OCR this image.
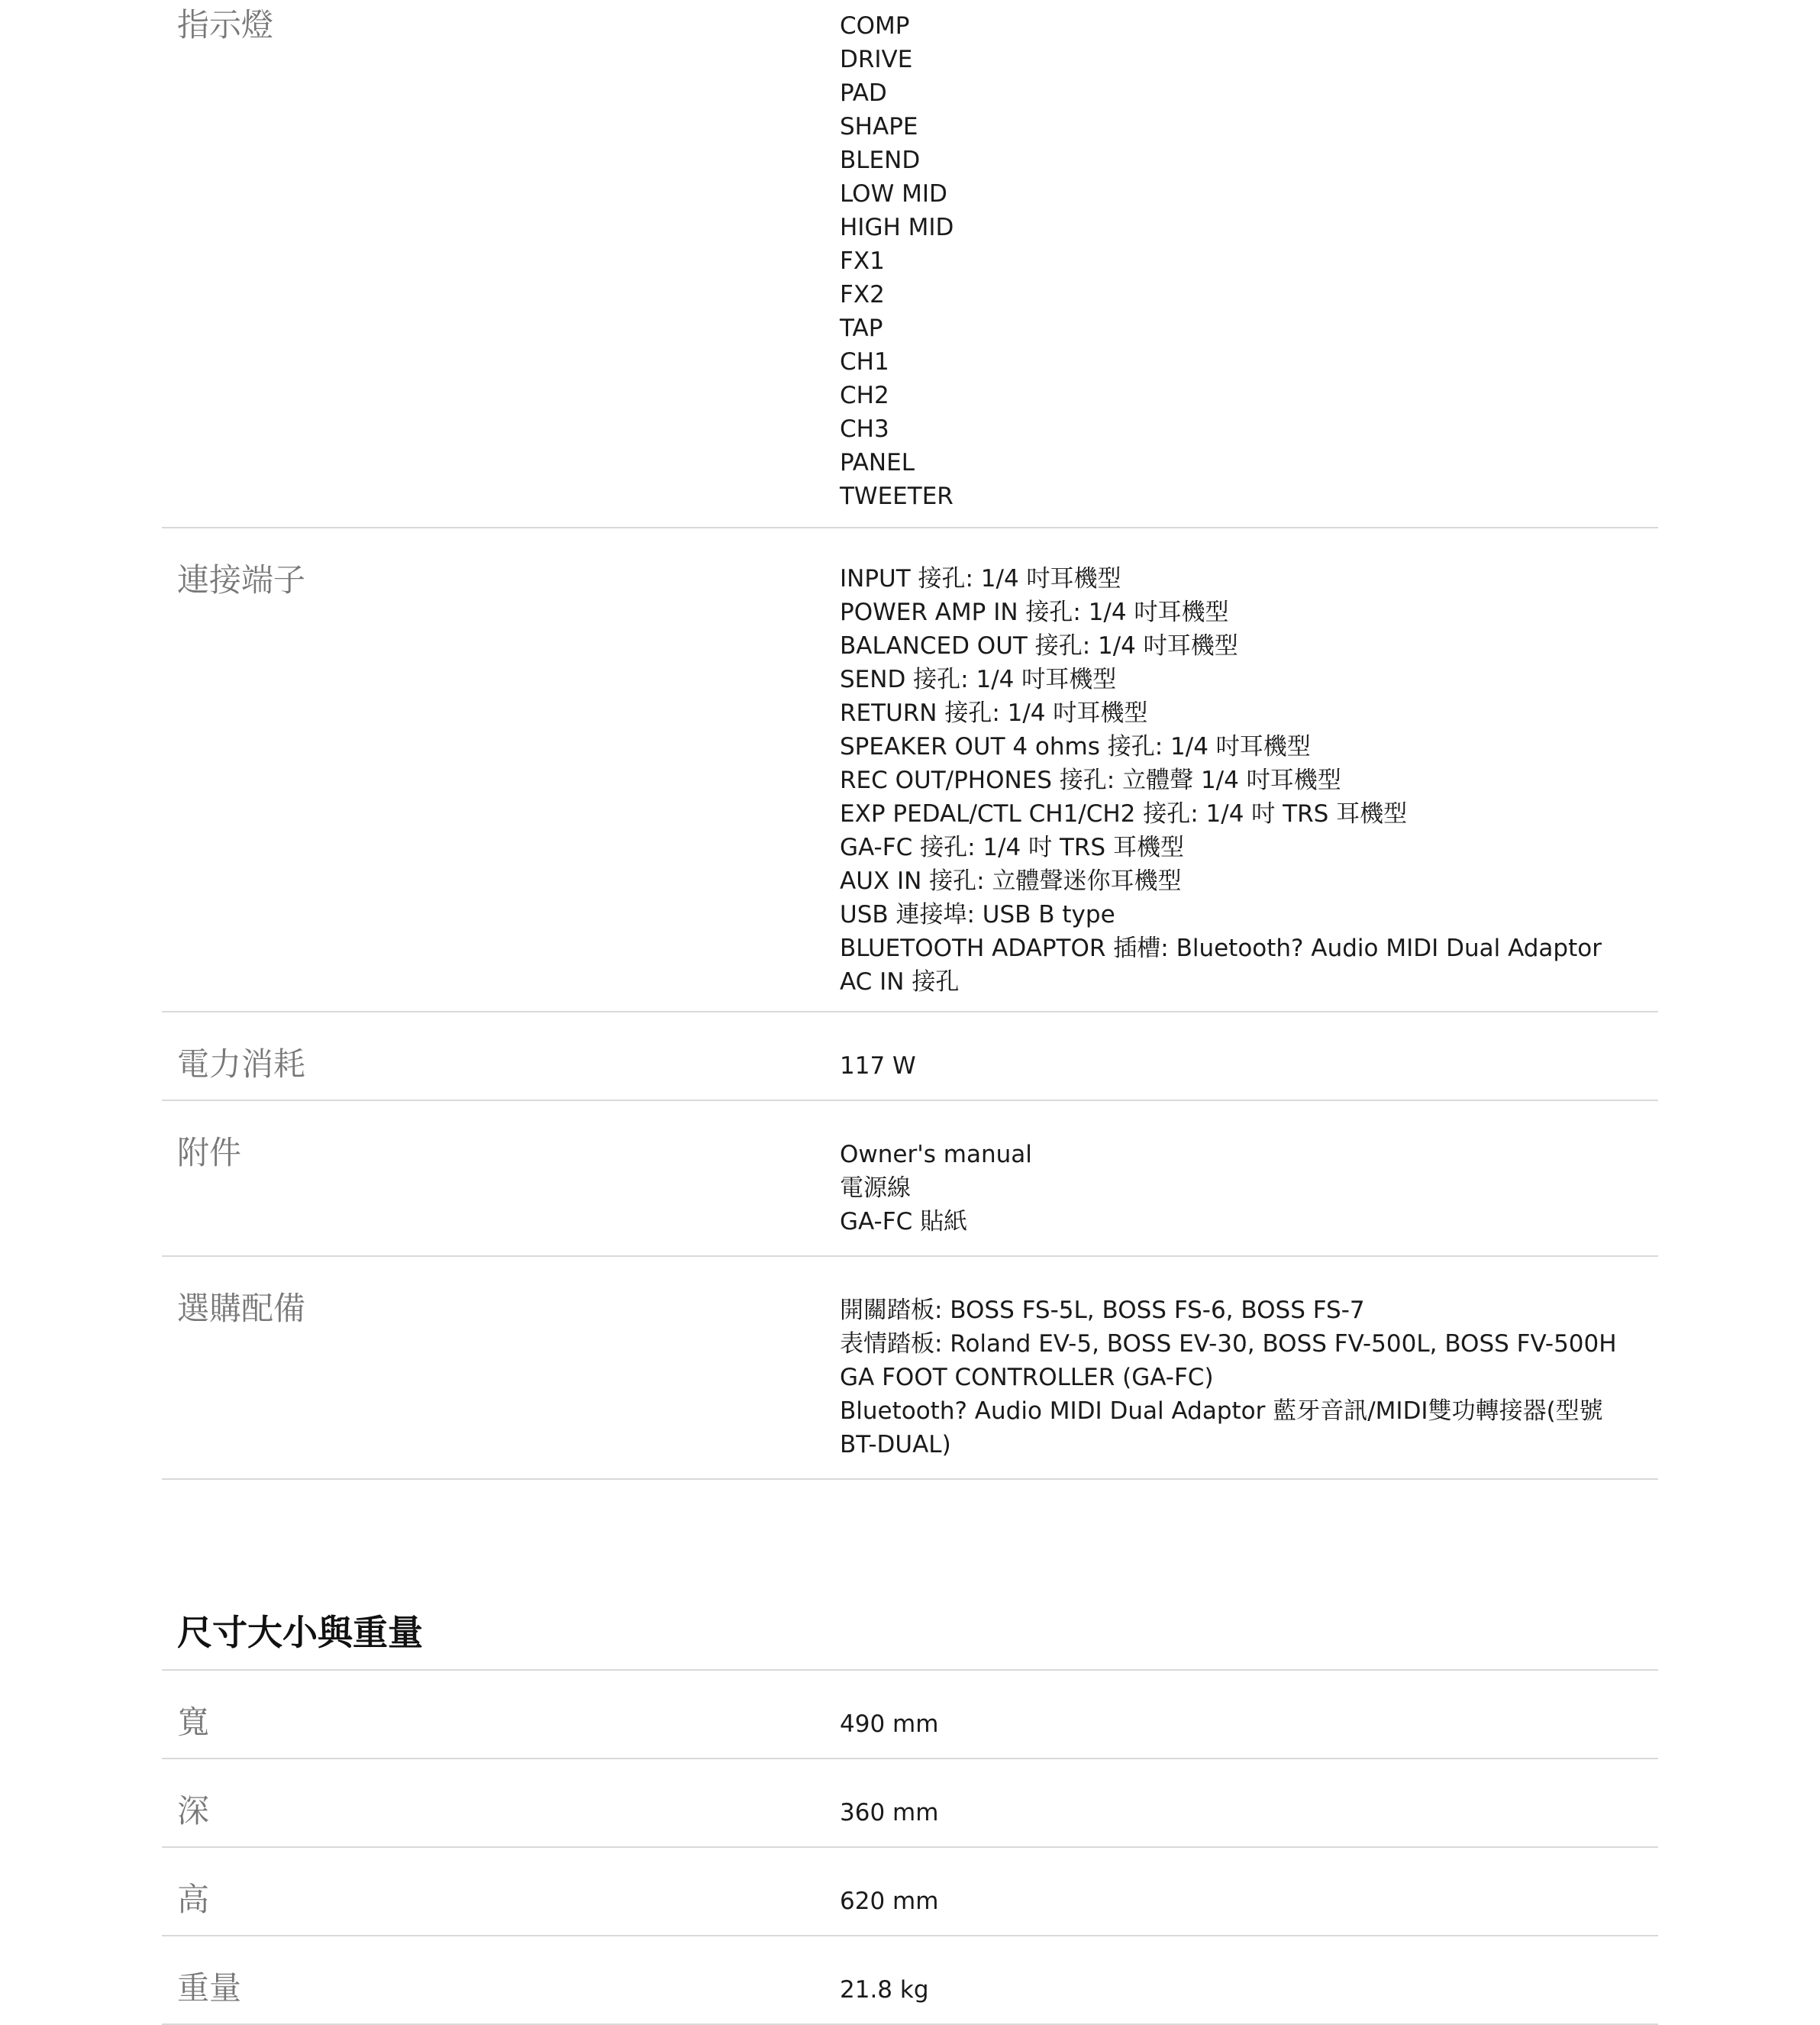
指示燈	COMP
DRIVE
PAD
SHAPE
BLEND
LOW MID
HIGH MID
FX1
FX2
TAP
CH1
CH2
CH3
PANEL
TWEETER
連接端子	INPUT 接孔: 1/4 吋耳機型
POWER AMP IN 接孔: 1/4 吋耳機型
BALANCED OUT 接孔: 1/4 吋耳機型
SEND 接孔: 1/4 吋耳機型
RETURN 接孔: 1/4 吋耳機型
SPEAKER OUT 4 ohms 接孔: 1/4 吋耳機型
REC OUT/PHONES 接孔: 立體聲 1/4 吋耳機型
EXP PEDAL/CTL CH1/CH2 接孔: 1/4 吋 TRS 耳機型
GA-FC 接孔: 1/4 吋 TRS 耳機型
AUX IN 接孔: 立體聲迷你耳機型
USB 連接埠: USB B type
BLUETOOTH ADAPTOR 插槽: Bluetooth? Audio MIDI Dual Adaptor
AC IN 接孔
電力消耗	117 W
附件	Owner's manual
電源線
GA-FC 貼紙
選購配備	開關踏板: BOSS FS-5L, BOSS FS-6, BOSS FS-7
表情踏板: Roland EV-5, BOSS EV-30, BOSS FV-500L, BOSS FV-500H
GA FOOT CONTROLLER (GA-FC)
Bluetooth? Audio MIDI Dual Adaptor 藍牙音訊/MIDI雙功轉接器(型號 BT-DUAL)
尺寸大小與重量
寬	490 mm
深	360 mm
高	620 mm
重量	21.8 kg
